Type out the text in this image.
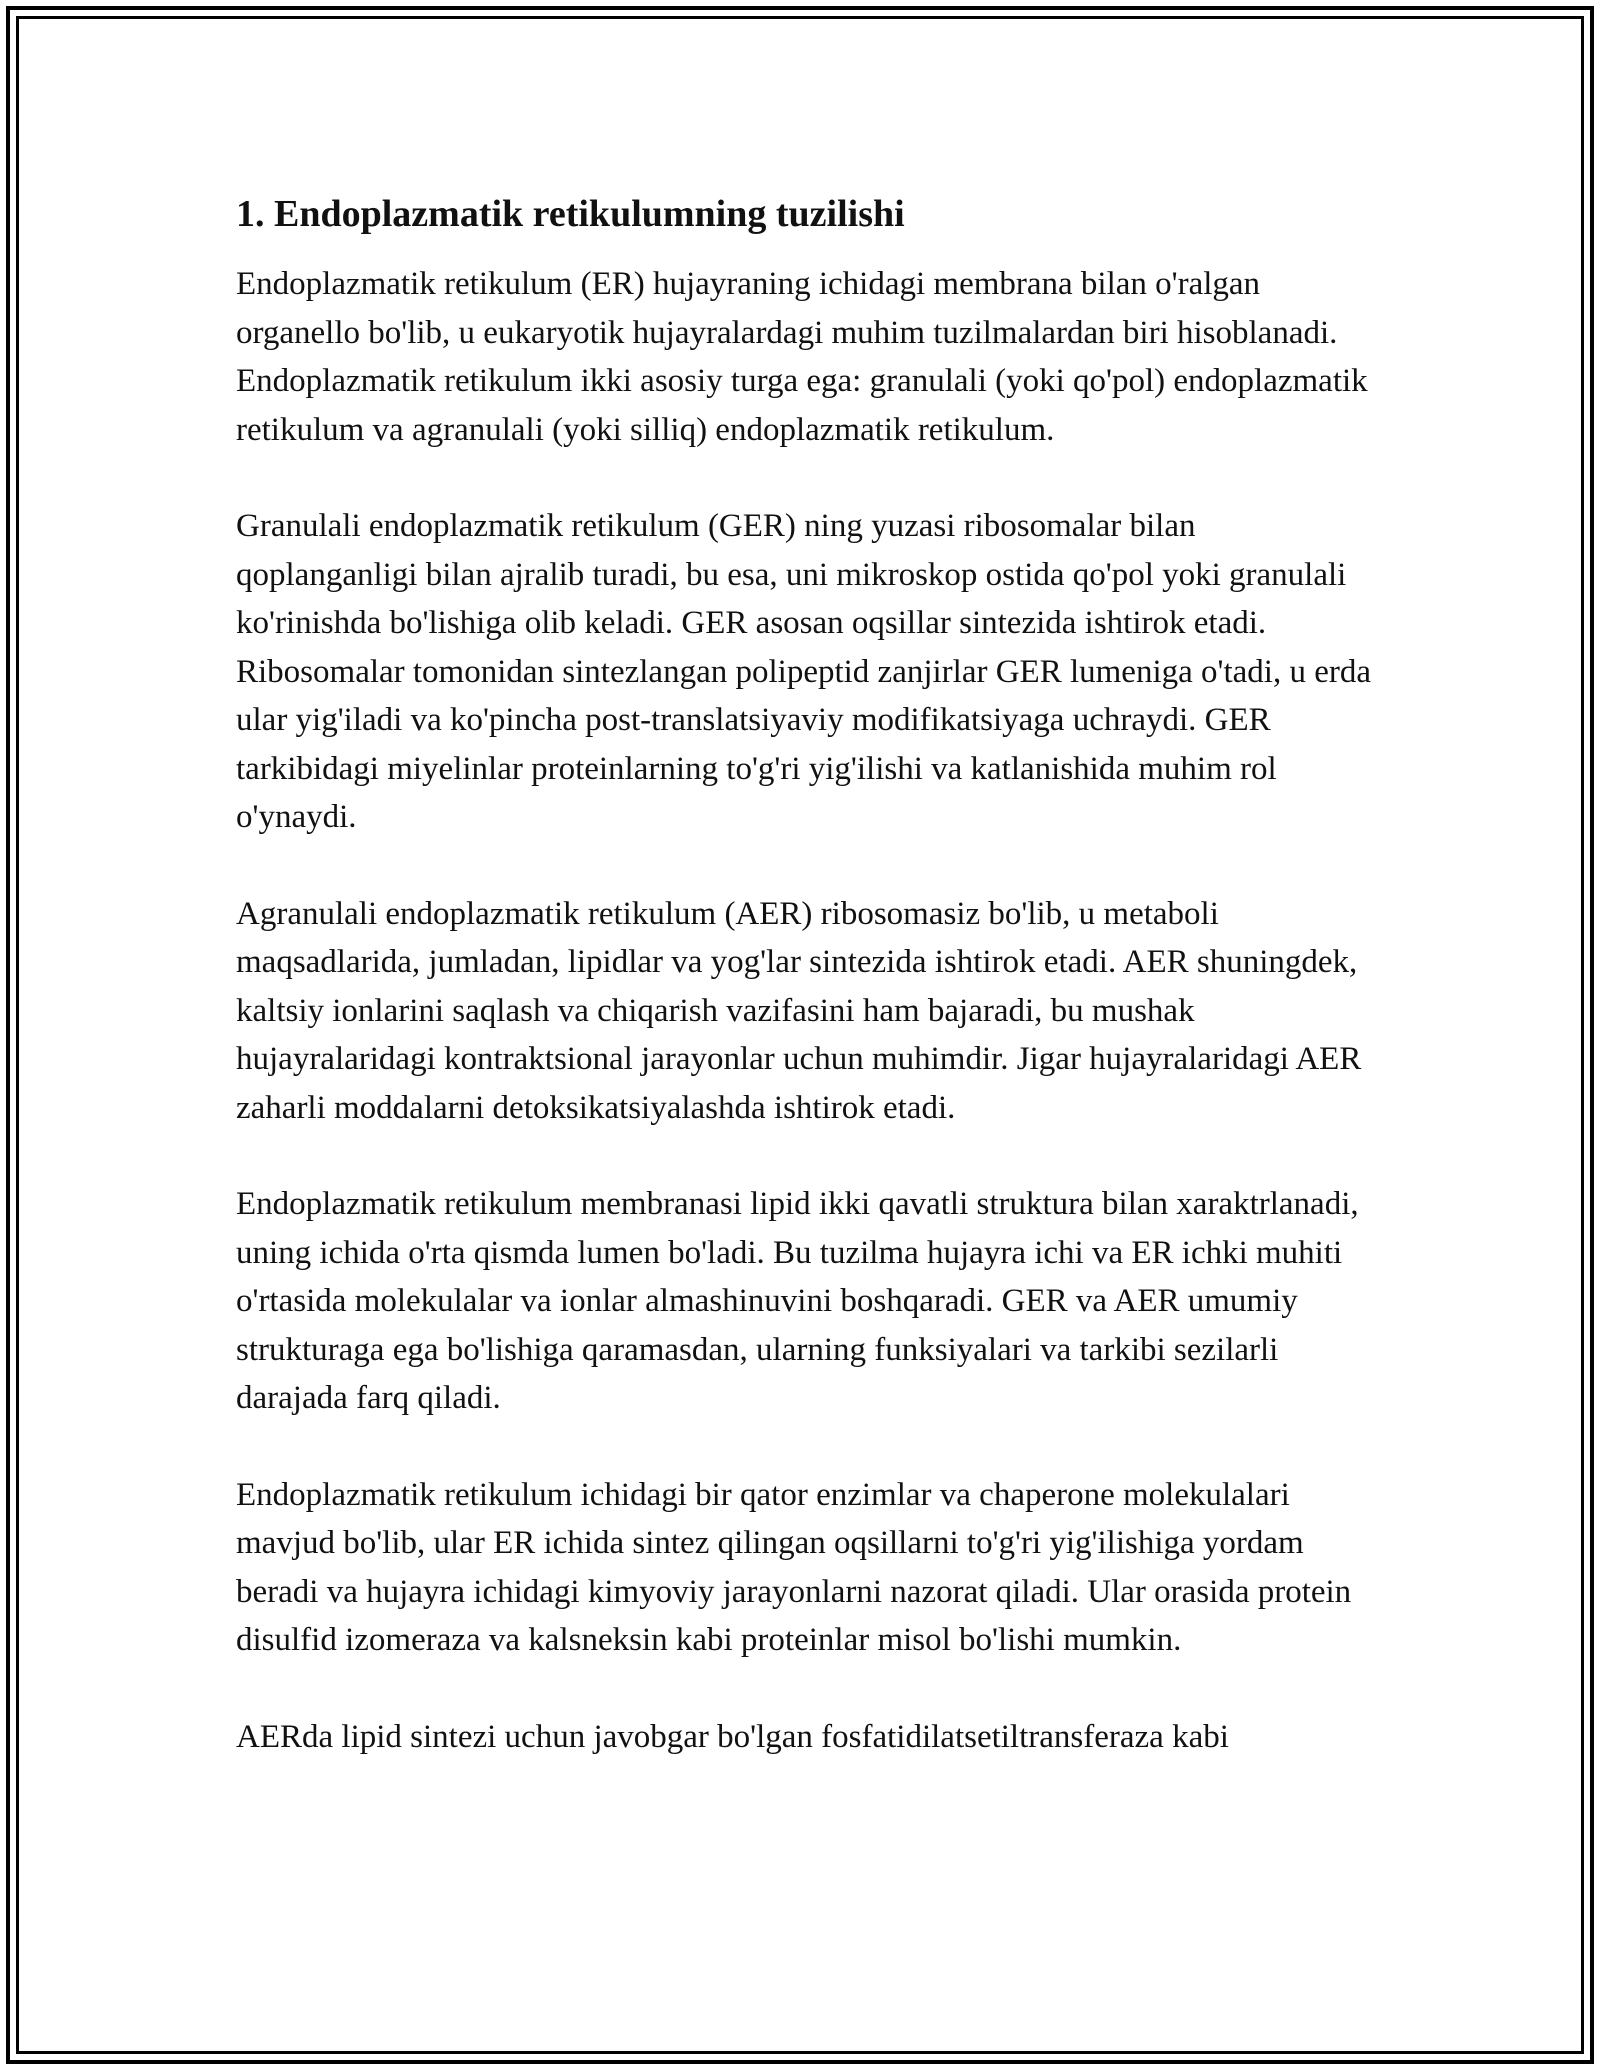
1. Endoplazmatik retikulumning tuzilishi

Endoplazmatik retikulum (ER) hujayraning ichidagi membrana bilan o'ralgan organello bo'lib, u eukaryotik hujayralardagi muhim tuzilmalardan biri hisoblanadi. Endoplazmatik retikulum ikki asosiy turga ega: granulali (yoki qo'pol) endoplazmatik retikulum va agranulali (yoki silliq) endoplazmatik retikulum.

Granulali endoplazmatik retikulum (GER) ning yuzasi ribosomalar bilan qoplanganligi bilan ajralib turadi, bu esa, uni mikroskop ostida qo'pol yoki granulali ko'rinishda bo'lishiga olib keladi. GER asosan oqsillar sintezida ishtirok etadi. Ribosomalar tomonidan sintezlangan polipeptid zanjirlar GER lumeniga o'tadi, u erda ular yig'iladi va ko'pincha post-translatsiyaviy modifikatsiyaga uchraydi. GER tarkibidagi miyelinlar proteinlarning to'g'ri yig'ilishi va katlanishida muhim rol o'ynaydi.

Agranulali endoplazmatik retikulum (AER) ribosomasiz bo'lib, u metaboli maqsadlarida, jumladan, lipidlar va yog'lar sintezida ishtirok etadi. AER shuningdek, kaltsiy ionlarini saqlash va chiqarish vazifasini ham bajaradi, bu mushak hujayralaridagi kontraktsional jarayonlar uchun muhimdir. Jigar hujayralaridagi AER zaharli moddalarni detoksikatsiyalashda ishtirok etadi.

Endoplazmatik retikulum membranasi lipid ikki qavatli struktura bilan xaraktrlanadi, uning ichida o'rta qismda lumen bo'ladi. Bu tuzilma hujayra ichi va ER ichki muhiti o'rtasida molekulalar va ionlar almashinuvini boshqaradi. GER va AER umumiy strukturaga ega bo'lishiga qaramasdan, ularning funksiyalari va tarkibi sezilarli darajada farq qiladi.

Endoplazmatik retikulum ichidagi bir qator enzimlar va chaperone molekulalari mavjud bo'lib, ular ER ichida sintez qilingan oqsillarni to'g'ri yig'ilishiga yordam beradi va hujayra ichidagi kimyoviy jarayonlarni nazorat qiladi. Ular orasida protein disulfid izomeraza va kalsneksin kabi proteinlar misol bo'lishi mumkin.

AERda lipid sintezi uchun javobgar bo'lgan fosfatidilatsetiltransferaza kabi
